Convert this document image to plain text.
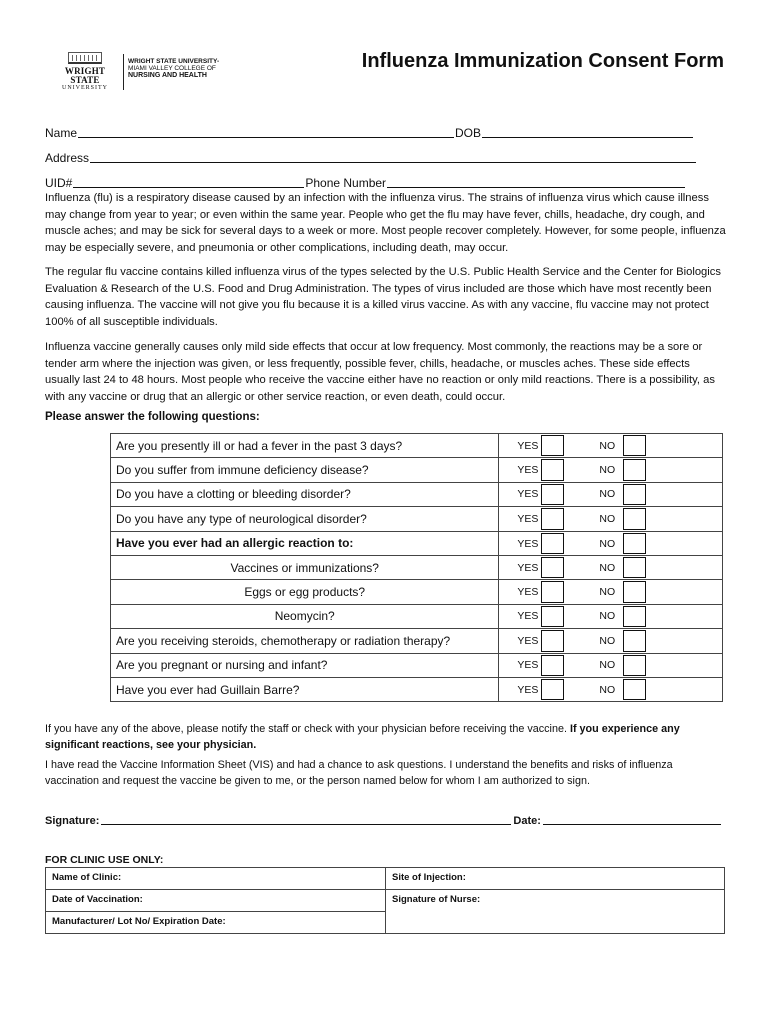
WRIGHT STATE
UNIVERSITY
WRIGHT STATE UNIVERSITY-
MIAMI VALLEY COLLEGE OF
NURSING AND HEALTH
Influenza Immunization Consent Form
Name	DOB
Address
UID#	Phone Number

Influenza (flu) is a respiratory disease caused by an infection with the influenza virus. The strains of influenza virus which cause illness may change from year to year; or even within the same year. People who get the flu may have fever, chills, headache, dry cough, and muscle aches; and may be sick for several days to a week or more. Most people recover completely. However, for some people, influenza may be especially severe, and pneumonia or other complications, including death, may occur.

The regular flu vaccine contains killed influenza virus of the types selected by the U.S. Public Health Service and the Center for Biologics Evaluation & Research of the U.S. Food and Drug Administration. The types of virus included are those which have most recently been causing influenza. The vaccine will not give you flu because it is a killed virus vaccine. As with any vaccine, flu vaccine may not protect 100% of all susceptible individuals.

Influenza vaccine generally causes only mild side effects that occur at low frequency. Most commonly, the reactions may be a sore or tender arm where the injection was given, or less frequently, possible fever, chills, headache, or muscles aches. These side effects usually last 24 to 48 hours. Most people who receive the vaccine either have no reaction or only mild reactions. There is a possibility, as with any vaccine or drug that an allergic or other service reaction, or even death, could occur.

Please answer the following questions:
Are you presently ill or had a fever in the past 3 days?	YES NO

Do you suffer from immune deficiency disease?	YES NO

Do you have a clotting or bleeding disorder?	YES NO

Do you have any type of neurological disorder?	YES NO

Have you ever had an allergic reaction to:	YES NO

Vaccines or immunizations?	YES NO

Eggs or egg products?	YES NO

Neomycin?	YES NO

Are you receiving steroids, chemotherapy or radiation therapy?	YES NO

Are you pregnant or nursing and infant?	YES NO

Have you ever had Guillain Barre?	YES NO

If you have any of the above, please notify the staff or check with your physician before receiving the vaccine. If you experience any significant reactions, see your physician.

I have read the Vaccine Information Sheet (VIS) and had a chance to ask questions. I understand the benefits and risks of influenza vaccination and request the vaccine be given to me, or the person named below for whom I am authorized to sign.

Signature:	Date:
FOR CLINIC USE ONLY:
Name of Clinic:	Site of Injection:
Date of Vaccination:	Signature of Nurse:
Manufacturer/ Lot No/ Expiration Date:	
